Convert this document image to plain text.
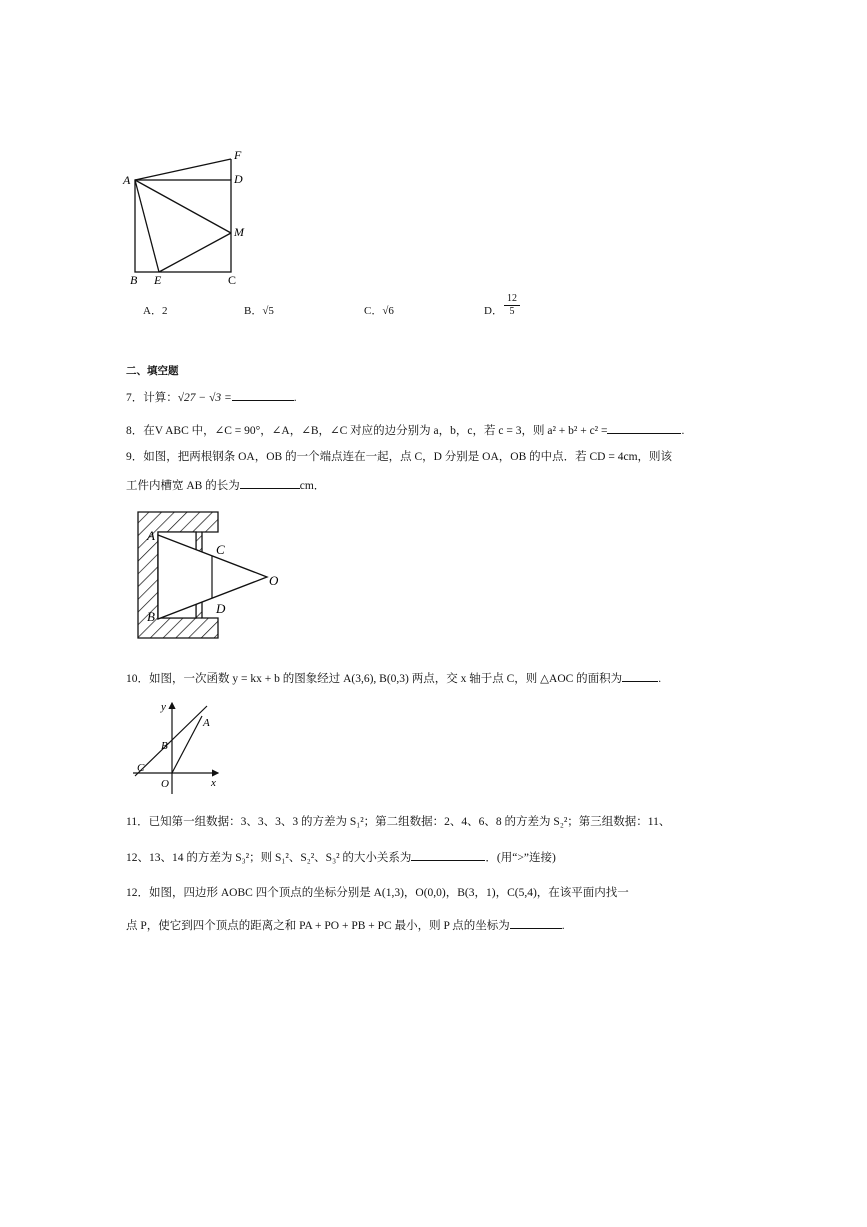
F
A	D
M
B E	C
A．2	B．√5	C．√6	D．
12
5
二、填空题
7．计算：√27 − √3 =	.
8．在V ABC 中，∠C = 90°，∠A，∠B，∠C 对应的边分别为 a，b，c，若 c = 3，则 a² + b² + c² =	.
9．如图，把两根钢条 OA，OB 的一个端点连在一起，点 C，D 分别是 OA，OB 的中点．若 CD = 4cm，则该
工件内槽宽 AB 的长为	cm．
A
C
O
B
D
10．如图，一次函数 y = kx + b 的图象经过 A(3,6), B(0,3) 两点，交 x 轴于点 C，则 △AOC 的面积为	.
y
A
B
C
O	x
11．已知第一组数据：3、3、3、3 的方差为 S₁²；第二组数据：2、4、6、8 的方差为 S₂²；第三组数据：11、
12、13、14 的方差为 S₃²；则 S₁²、S₂²、S₃² 的大小关系为	．(用“>”连接)
12．如图，四边形 AOBC 四个顶点的坐标分别是 A(1,3)，O(0,0)，B(3，1)，C(5,4)，在该平面内找一
点 P，使它到四个顶点的距离之和 PA + PO + PB + PC 最小，则 P 点的坐标为	.
